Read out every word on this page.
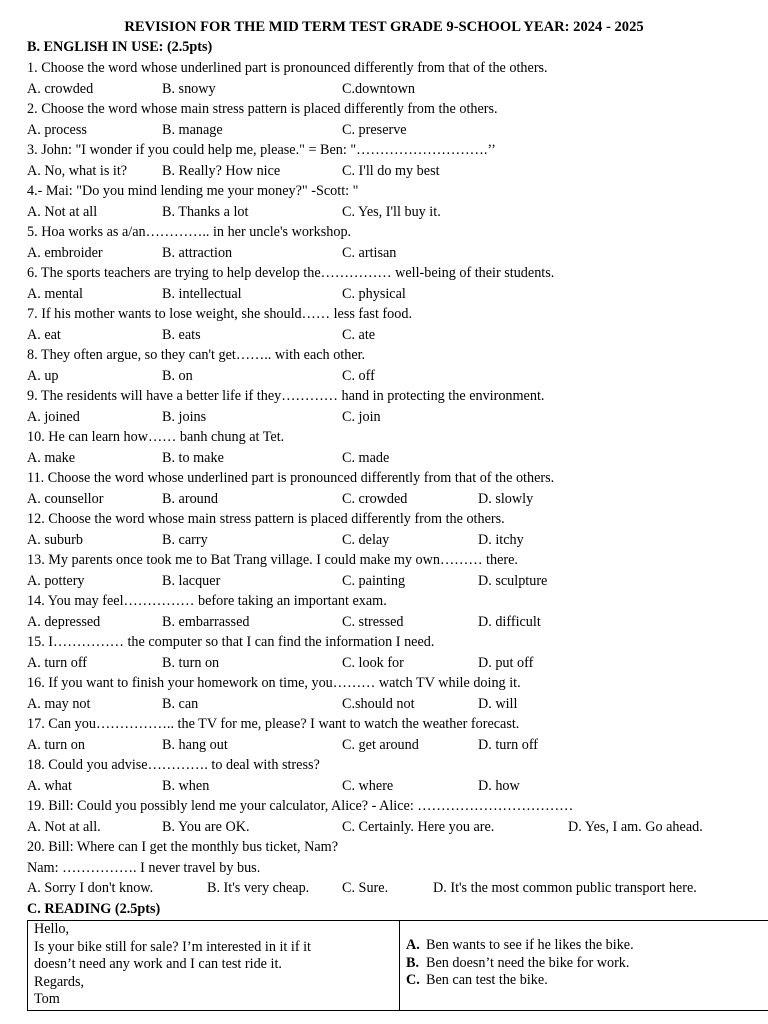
REVISION FOR THE MID TERM TEST GRADE 9-SCHOOL YEAR: 2024 - 2025
B. ENGLISH IN USE: (2.5pts)
1. Choose the word whose underlined part is pronounced differently from that of the others.
A. crowded	B. snowy	C.downtown
2. Choose the word whose main stress pattern is placed differently from the others.
A. process	B. manage	C. preserve
3. John: "I wonder if you could help me, please." = Ben: "……………………….’’
A. No, what is it? B. Really? How nice	C. I'll do my best
4.- Mai: "Do you mind lending me your money?" -Scott: "
A. Not at all	B. Thanks a lot	C. Yes, I'll buy it.
5. Hoa works as a/an………….. in her uncle's workshop.
A. embroider	B. attraction	C. artisan
6. The sports teachers are trying to help develop the…………… well-being of their students.
A. mental	B. intellectual	C. physical
7. If his mother wants to lose weight, she should…… less fast food.
A. eat	B. eats	C. ate
8. They often argue, so they can't get…….. with each other.
A. up	B. on	C. off
9. The residents will have a better life if they………… hand in protecting the environment.
A. joined	B. joins	C. join
10. He can learn how…… banh chung at Tet.
A. make	B. to make	C. made
11. Choose the word whose underlined part is pronounced differently from that of the others.
A. counsellor	B. around	C. crowded	D. slowly
12. Choose the word whose main stress pattern is placed differently from the others.
A. suburb	B. carry	C. delay	D. itchy
13. My parents once took me to Bat Trang village. I could make my own……… there.
A. pottery	B. lacquer	C. painting	D. sculpture
14. You may feel…………… before taking an important exam.
A. depressed	B. embarrassed	C. stressed	D. difficult
15. I…………… the computer so that I can find the information I need.
A. turn off	B. turn on	C. look for	D. put off
16. If you want to finish your homework on time, you……… watch TV while doing it.
A. may not	B. can	C.should not	D. will
17. Can you…………….. the TV for me, please? I want to watch the weather forecast.
A. turn on	B. hang out	C. get around	D. turn off
18. Could you advise…………. to deal with stress?
A. what	B. when	C. where	D. how
19. Bill: Could you possibly lend me your calculator, Alice? - Alice: ……………………………
A. Not at all.	B. You are OK.	C. Certainly. Here you are.	D. Yes, I am. Go ahead.
20. Bill: Where can I get the monthly bus ticket, Nam?
Nam: ……………. I never travel by bus.
A. Sorry I don't know.	B. It's very cheap. C. Sure.	D. It's the most common public transport here.
C. READING (2.5pts)
Hello,
Is your bike still for sale? I’m interested in it if it
doesn’t need any work and I can test ride it.
Regards,
Tom
A. Ben wants to see if he likes the bike.
B. Ben doesn’t need the bike for work.
C. Ben can test the bike.
